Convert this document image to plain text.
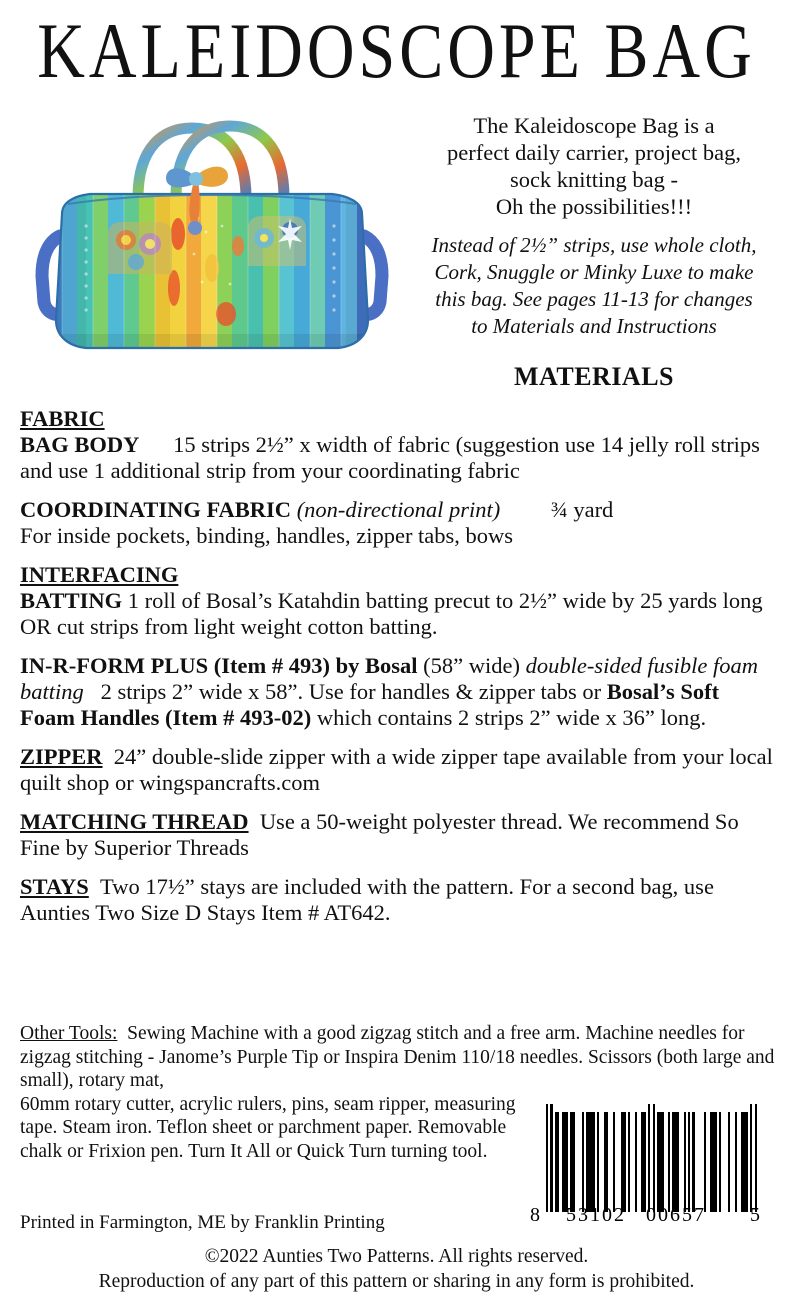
KALEIDOSCOPE BAG
The Kaleidoscope Bag is a
perfect daily carrier, project bag,
sock knitting bag -
Oh the possibilities!!!
Instead of 2½” strips, use whole cloth,
Cork, Snuggle or Minky Luxe to make
this bag. See pages 11-13 for changes
to Materials and Instructions
MATERIALS
FABRIC
BAG BODY 15 strips 2½” x width of fabric (suggestion use 14 jelly roll strips and use 1 additional strip from your coordinating fabric
COORDINATING FABRIC (non-directional print) ¾ yard
For inside pockets, binding, handles, zipper tabs, bows
INTERFACING
BATTING 1 roll of Bosal’s Katahdin batting precut to 2½” wide by 25 yards long OR cut strips from light weight cotton batting.
IN-R-FORM PLUS (Item # 493) by Bosal (58” wide) double-sided fusible foam batting 2 strips 2” wide x 58”. Use for handles & zipper tabs or Bosal’s Soft Foam Handles (Item # 493-02) which contains 2 strips 2” wide x 36” long.
ZIPPER 24” double-slide zipper with a wide zipper tape available from your local quilt shop or wingspancrafts.com
MATCHING THREAD Use a 50-weight polyester thread. We recommend So Fine by Superior Threads
STAYS Two 17½” stays are included with the pattern. For a second bag, use Aunties Two Size D Stays Item # AT642.
Other Tools: Sewing Machine with a good zigzag stitch and a free arm. Machine needles for zigzag stitching - Janome’s Purple Tip or Inspira Denim 110/18 needles. Scissors (both large and small), rotary mat,
60mm rotary cutter, acrylic rulers, pins, seam ripper, measuring tape. Steam iron. Teflon sheet or parchment paper. Removable chalk or Frixion pen. Turn It All or Quick Turn turning tool.
8 53102 00657 5
Printed in Farmington, ME by Franklin Printing
©2022 Aunties Two Patterns. All rights reserved.
Reproduction of any part of this pattern or sharing in any form is prohibited.
